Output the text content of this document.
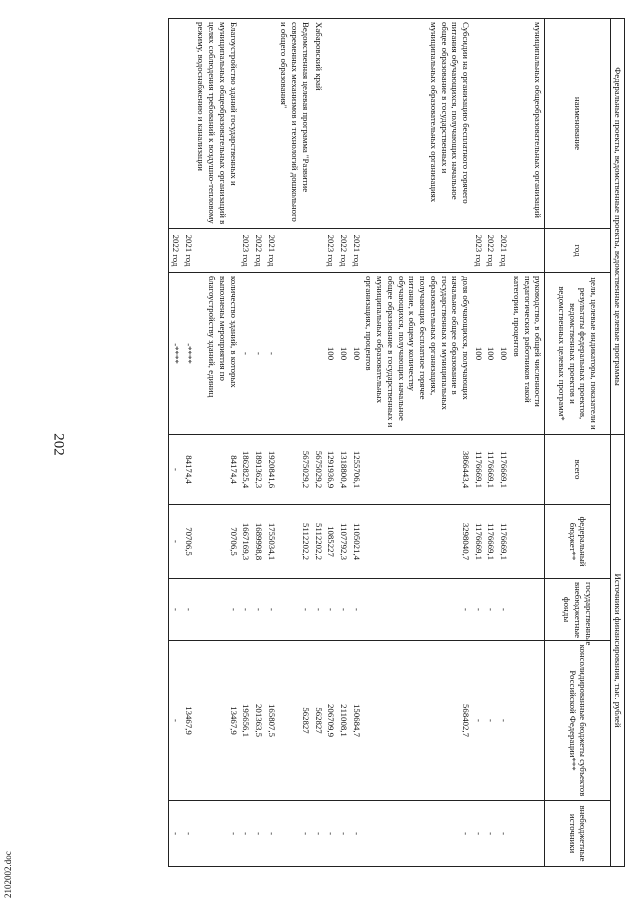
202
2102002.doc
Федеральные проекты, ведомственные проекты, ведомственные целевые программы			Источники финансирования, тыс. рублей				
наименование	год	цели, целевые индикаторы, показатели и результаты федеральных проектов, ведомственных проектов и ведомственных целевых программ*	всего	федеральный бюджет**	государственные внебюджетные фонды	консолидированные бюджеты субъектов Российской Федерации***	внебюджетные источники
муниципальных общеобразовательных организаций		руководство, в общей численности педагогических работников такой категории, процентов					
	2021 год	100	1176669,1	1176669,1	-	-	-
	2022 год	100	1176669,1	1176669,1	-	-	-
	2023 год	100	1176669,1	1176669,1	-	-	-
Субсидии на организацию бесплатного горячего питания обучающихся, получающих начальное общее образование в государственных и муниципальных образовательных организациях		доля обучающихся, получающих начальное общее образование в государственных и муниципальных образовательных организациях, получающих бесплатное горячее питание, к общему количеству обучающихся, получающих начальное общее образование в государственных и муниципальных образовательных организациях, процентов	3866443,4	3298040,7	-	568402,7	-
	2021 год	100	1255706,1	1105021,4	-	150684,7	-
	2022 год	100	1318800,4	1107792,3	-	211008,1	-
	2023 год	100	1291936,9	1085227	-	206709,9	-
Хабаровский край			5675029,2	5112202,2	-	562827	-
Ведомственная целевая программа "Развитие современных механизмов и технологий дошкольного и общего образования"			5675029,2	5112202,2	-	562827	-
	2021 год	-	1920841,6	1755034,1	-	165807,5	-
	2022 год	-	1891362,3	1689998,8	-	201363,5	-
	2023 год	-	1862825,4	1667169,3	-	195656,1	-
Благоустройство зданий государственных и муниципальных общеобразовательных организаций в целях соблюдения требований к воздушно-тепловому режиму, водоснабжению и канализации		количество зданий, в которых выполнены мероприятия по благоустройству зданий, единиц	84174,4	70706,5	-	13467,9	-
	2021 год	-****	84174,4	70706,5	-	13467,9	-
	2022 год	-****	-	-	-	-	-
